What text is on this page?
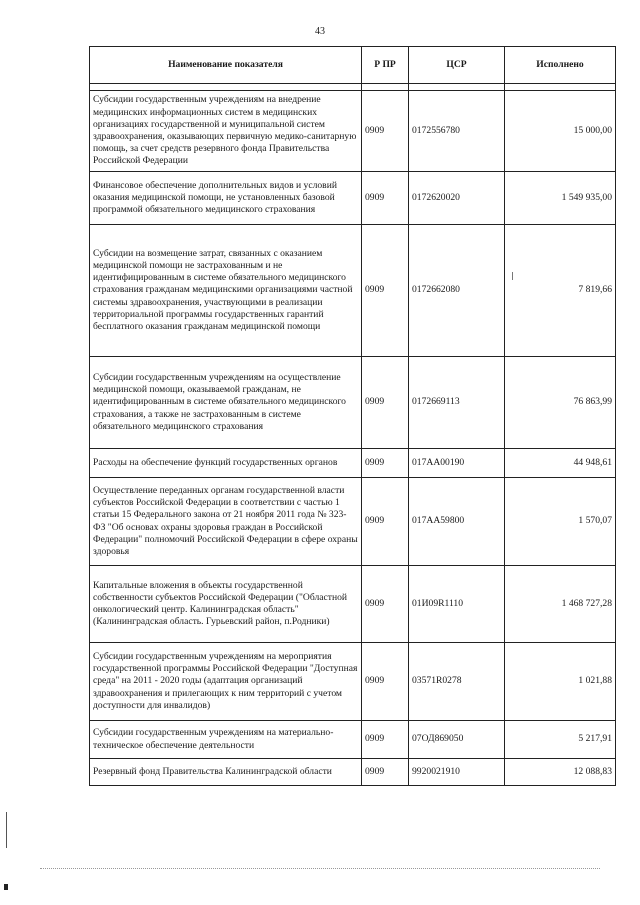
43
Наименование показателя	Р ПР	ЦСР	Исполнено

Субсидии государственным учреждениям на внедрение медицинских информационных систем в медицинских организациях государственной и муниципальной систем здравоохранения, оказывающих первичную медико-санитарную помощь, за счет средств резервного фонда Правительства Российской Федерации	0909	0172556780	15 000,00
Финансовое обеспечение дополнительных видов и условий оказания медицинской помощи, не установленных базовой программой обязательного медицинского страхования	0909	0172620020	1 549 935,00
Субсидии на возмещение затрат, связанных с оказанием медицинской помощи не застрахованным и не идентифицированным в системе обязательного медицинского страхования гражданам медицинскими организациями частной системы здравоохранения, участвующими в реализации территориальной программы государственных гарантий бесплатного оказания гражданам медицинской помощи	0909	0172662080	7 819,66
Субсидии государственным учреждениям на осуществление медицинской помощи, оказываемой гражданам, не идентифицированным в системе обязательного медицинского страхования, а также не застрахованным в системе обязательного медицинского страхования	0909	0172669113	76 863,99
Расходы на обеспечение функций государственных органов	0909	017АА00190	44 948,61
Осуществление переданных органам государственной власти субъектов Российской Федерации в соответствии с частью 1 статьи 15 Федерального закона от 21 ноября 2011 года № 323-ФЗ "Об основах охраны здоровья граждан в Российской Федерации" полномочий Российской Федерации в сфере охраны здоровья	0909	017АА59800	1 570,07
Капитальные вложения в объекты государственной собственности субъектов Российской Федерации ("Областной онкологический центр. Калининградская область" (Калининградская область. Гурьевский район, п.Родники)	0909	01И09R1110	1 468 727,28
Субсидии государственным учреждениям на мероприятия государственной программы Российской Федерации "Доступная среда" на 2011 - 2020 годы (адаптация организаций здравоохранения и прилегающих к ним территорий с учетом доступности для инвалидов)	0909	03571R0278	1 021,88
Субсидии государственным учреждениям на материально-техническое обеспечение деятельности	0909	07ОД869050	5 217,91
Резервный фонд Правительства Калининградской области	0909	9920021910	12 088,83
